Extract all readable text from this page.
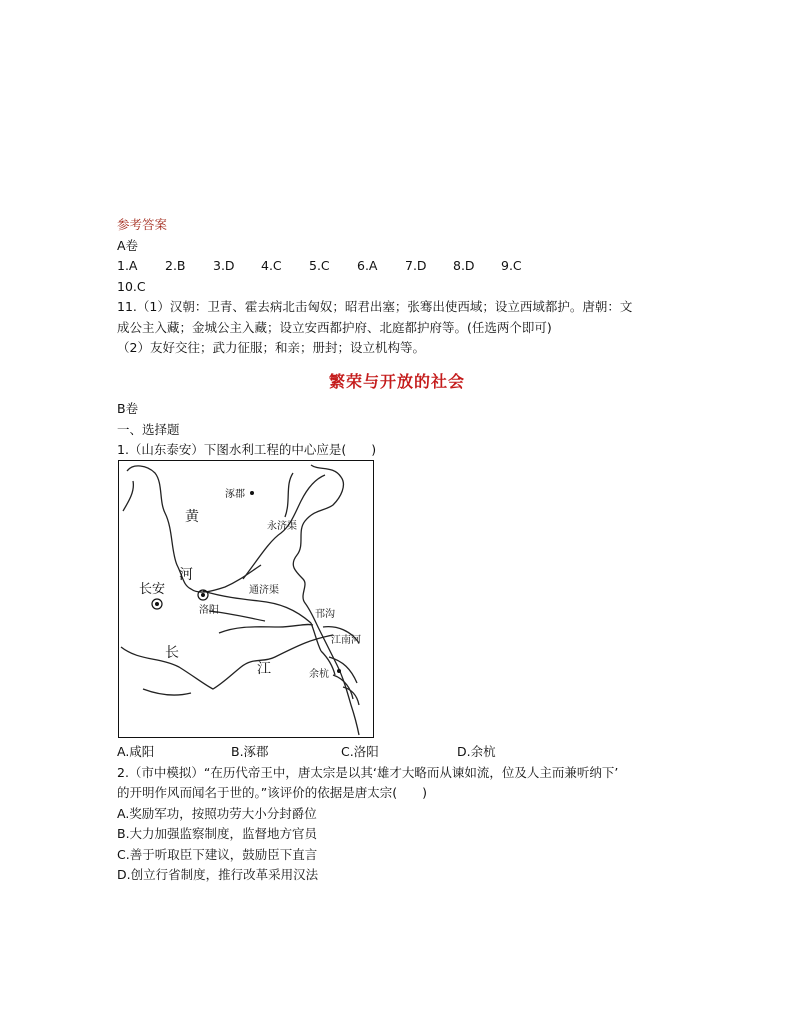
参考答案
A卷
1.A	2.B	3.D	4.C	5.C	6.A	7.D	8.D	9.C
10.C
11.（1）汉朝：卫青、霍去病北击匈奴；昭君出塞；张骞出使西域；设立西域都护。唐朝：文
成公主入藏；金城公主入藏；设立安西都护府、北庭都护府等。(任选两个即可)
（2）友好交往；武力征服；和亲；册封；设立机构等。
繁荣与开放的社会
B卷
一、选择题
1.（山东泰安）下图水利工程的中心应是(　　)
涿郡
黄
河
永济渠
长安
洛阳
通济渠
邗沟
江南河
长
江	余杭
A.咸阳	B.涿郡	C.洛阳	D.余杭
2.（市中模拟）“在历代帝王中，唐太宗是以其‘雄才大略而从谏如流，位及人主而兼听纳下’
的开明作风而闻名于世的。”该评价的依据是唐太宗(　　)
A.奖励军功，按照功劳大小分封爵位
B.大力加强监察制度，监督地方官员
C.善于听取臣下建议，鼓励臣下直言
D.创立行省制度，推行改革采用汉法
